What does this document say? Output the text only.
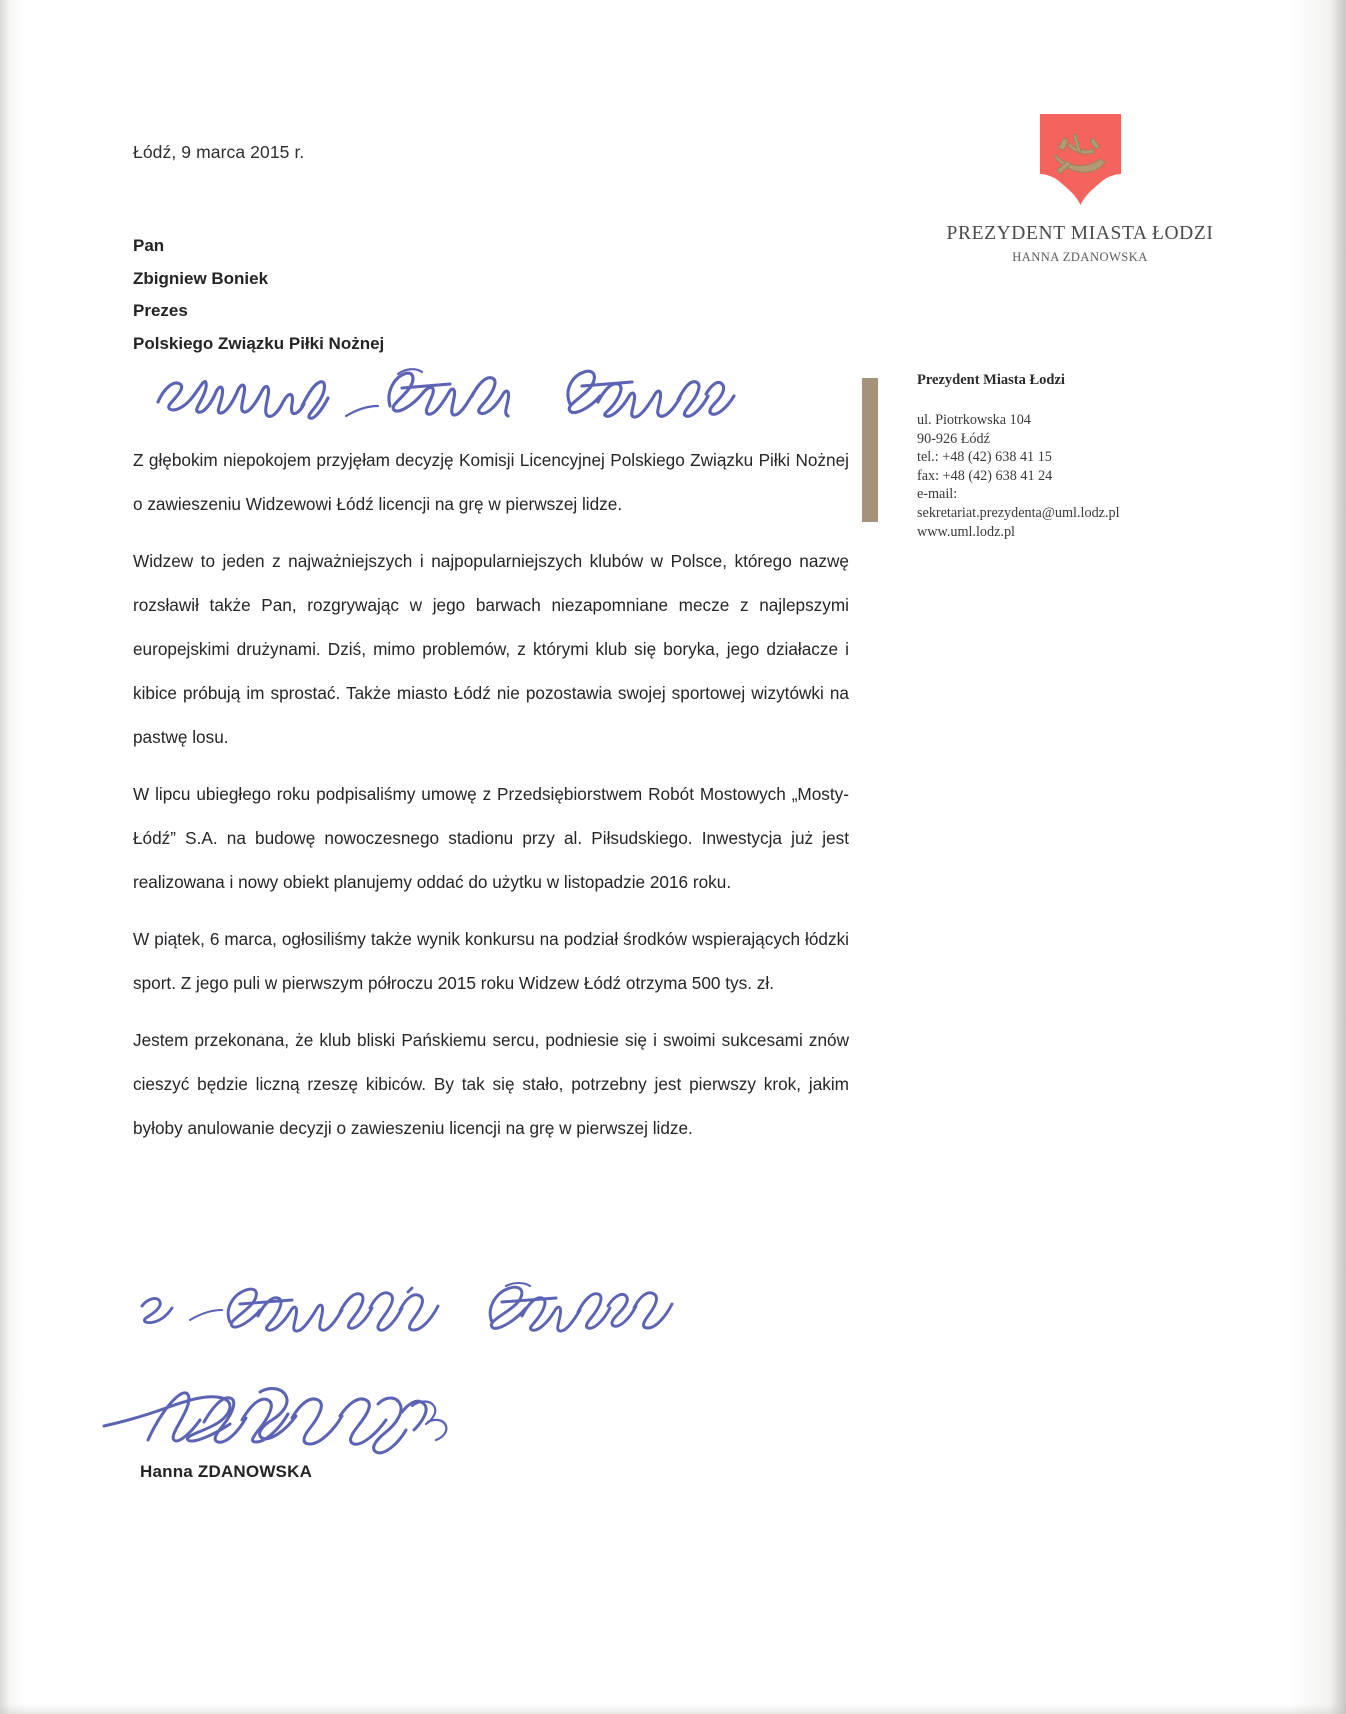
PREZYDENT MIASTA ŁODZI
HANNA ZDANOWSKA
Łódź, 9 marca 2015 r.
Pan
Zbigniew Boniek
Prezes
Polskiego Związku Piłki Nożnej

Z głębokim niepokojem przyjęłam decyzję Komisji Licencyjnej Polskiego Związku Piłki Nożnej o zawieszeniu Widzewowi Łódź licencji na grę w pierwszej lidze.

Widzew to jeden z najważniejszych i najpopularniejszych klubów w Polsce, którego nazwę rozsławił także Pan, rozgrywając w jego barwach niezapomniane mecze z najlepszymi europejskimi drużynami. Dziś, mimo problemów, z którymi klub się boryka, jego działacze i kibice próbują im sprostać. Także miasto Łódź nie pozostawia swojej sportowej wizytówki na pastwę losu.

W lipcu ubiegłego roku podpisaliśmy umowę z Przedsiębiorstwem Robót Mostowych „Mosty-Łódź” S.A. na budowę nowoczesnego stadionu przy al. Piłsudskiego. Inwestycja już jest realizowana i nowy obiekt planujemy oddać do użytku w listopadzie 2016 roku.

W piątek, 6 marca, ogłosiliśmy także wynik konkursu na podział środków wspierających łódzki sport. Z jego puli w pierwszym półroczu 2015 roku Widzew Łódź otrzyma 500 tys. zł.

Jestem przekonana, że klub bliski Pańskiemu sercu, podniesie się i swoimi sukcesami znów cieszyć będzie liczną rzeszę kibiców. By tak się stało, potrzebny jest pierwszy krok, jakim byłoby anulowanie decyzji o zawieszeniu licencji na grę w pierwszej lidze.

Prezydent Miasta Łodzi
ul. Piotrkowska 104
90-926 Łódź
tel.: +48 (42) 638 41 15
fax: +48 (42) 638 41 24
e-mail:
sekretariat.prezydenta@uml.lodz.pl
www.uml.lodz.pl
Hanna ZDANOWSKA
